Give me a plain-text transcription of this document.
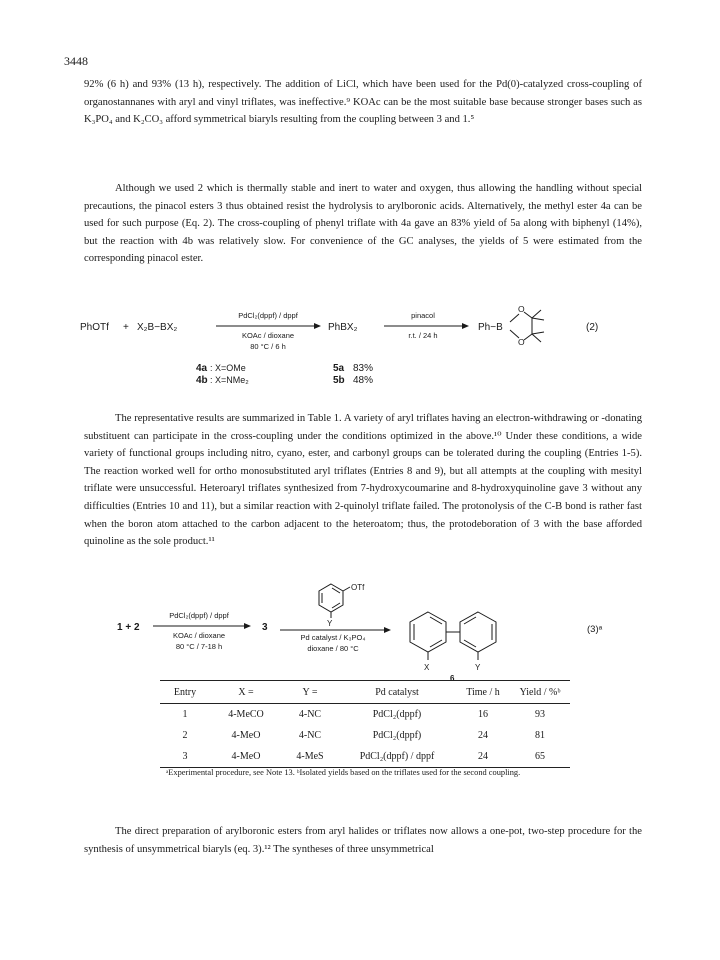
3448

92% (6 h) and 93% (13 h), respectively. The addition of LiCl, which have been used for the Pd(0)-catalyzed cross-coupling of organostannanes with aryl and vinyl triflates, was ineffective.⁹ KOAc can be the most suitable base because stronger bases such as K₃PO₄ and K₂CO₃ afford symmetrical biaryls resulting from the coupling between 3 and 1.⁵

Although we used 2 which is thermally stable and inert to water and oxygen, thus allowing the handling without special precautions, the pinacol esters 3 thus obtained resist the hydrolysis to arylboronic acids. Alternatively, the methyl ester 4a can be used for such purpose (Eq. 2). The cross-coupling of phenyl triflate with 4a gave an 83% yield of 5a along with biphenyl (14%), but the reaction with 4b was relatively slow. For convenience of the GC analyses, the yields of 5 were estimated from the corresponding pinacol ester.

PhOTf + X₂B−BX₂
PdCl₂(dppf) / dppf
KOAc / dioxane
80 °C / 6 h
PhBX₂
pinacol
r.t. / 24 h
Ph−B
O
O
(2)
4a : X=OMe
4b : X=NMe₂
5a 83%
5b 48%
1 + 2
PdCl₂(dppf) / dppf
KOAc / dioxane
80 °C / 7-18 h
3
OTf
Y
Pd catalyst / K₃PO₄
dioxane / 80 °C
X	Y
6
(3)ᵃ

The representative results are summarized in Table 1. A variety of aryl triflates having an electron-withdrawing or -donating substituent can participate in the cross-coupling under the conditions optimized in the above.¹⁰ Under these conditions, a wide variety of functional groups including nitro, cyano, ester, and carbonyl groups can be tolerated during the coupling (Entries 1-5). The reaction worked well for ortho monosubstituted aryl triflates (Entries 8 and 9), but all attempts at the coupling with mesityl triflate were unsuccessful. Heteroaryl triflates synthesized from 7-hydroxycoumarine and 8-hydroxyquinoline gave 3 without any difficulties (Entries 10 and 11), but a similar reaction with 2-quinolyl triflate failed. The protonolysis of the C-B bond is rather fast when the boron atom attached to the carbon adjacent to the heteroatom; thus, the protodeboration of 3 with the base afforded quinoline as the sole product.¹¹

Entry	X =	Y =	Pd catalyst	Time / h	Yield / %ᵇ
1	4-MeCO	4-NC	PdCl₂(dppf)	16	93
2	4-MeO	4-NC	PdCl₂(dppf)	24	81
3	4-MeO	4-MeS	PdCl₂(dppf) / dppf	24	65
ᵃExperimental procedure, see Note 13. ᵇIsolated yields based on the triflates used for the second coupling.

The direct preparation of arylboronic esters from aryl halides or triflates now allows a one-pot, two-step procedure for the synthesis of unsymmetrical biaryls (eq. 3).¹² The syntheses of three unsymmetrical
